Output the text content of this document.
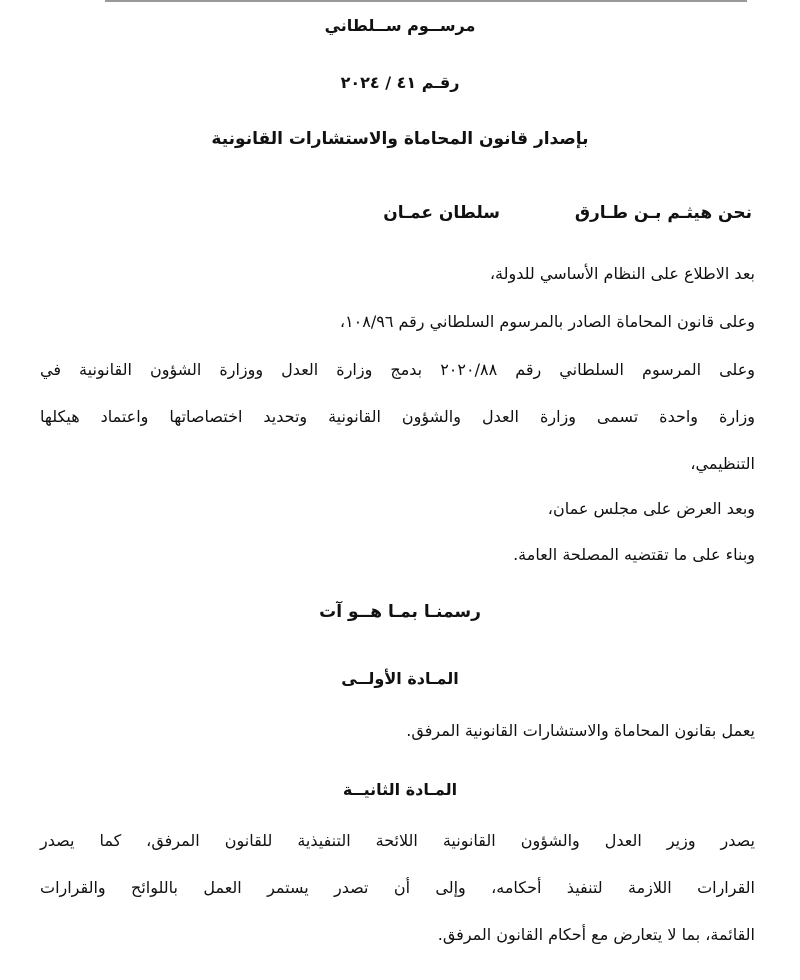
مرســوم ســلطاني
رقـم ٤١ / ٢٠٢٤
بإصدار قانون المحاماة والاستشارات القانونية
نحن هيثـم بـن طـارق
سلطان عمـان
بعد الاطلاع على النظام الأساسي للدولة،
وعلى قانون المحاماة الصادر بالمرسوم السلطاني رقم ١٠٨/٩٦،
وعلى المرسوم السلطاني رقم ٢٠٢٠/٨٨ بدمج وزارة العدل ووزارة الشؤون القانونية في
وزارة واحدة تسمى وزارة العدل والشؤون القانونية وتحديد اختصاصاتها واعتماد هيكلها
التنظيمي،
وبعد العرض على مجلس عمان،
وبناء على ما تقتضيه المصلحة العامة.
رسمنـا بمـا هــو آت
المـادة الأولــى
يعمل بقانون المحاماة والاستشارات القانونية المرفق.
المـادة الثانيــة
يصدر وزير العدل والشؤون القانونية اللائحة التنفيذية للقانون المرفق، كما يصدر
القرارات اللازمة لتنفيذ أحكامه، وإلى أن تصدر يستمر العمل باللوائح والقرارات
القائمة، بما لا يتعارض مع أحكام القانون المرفق.
